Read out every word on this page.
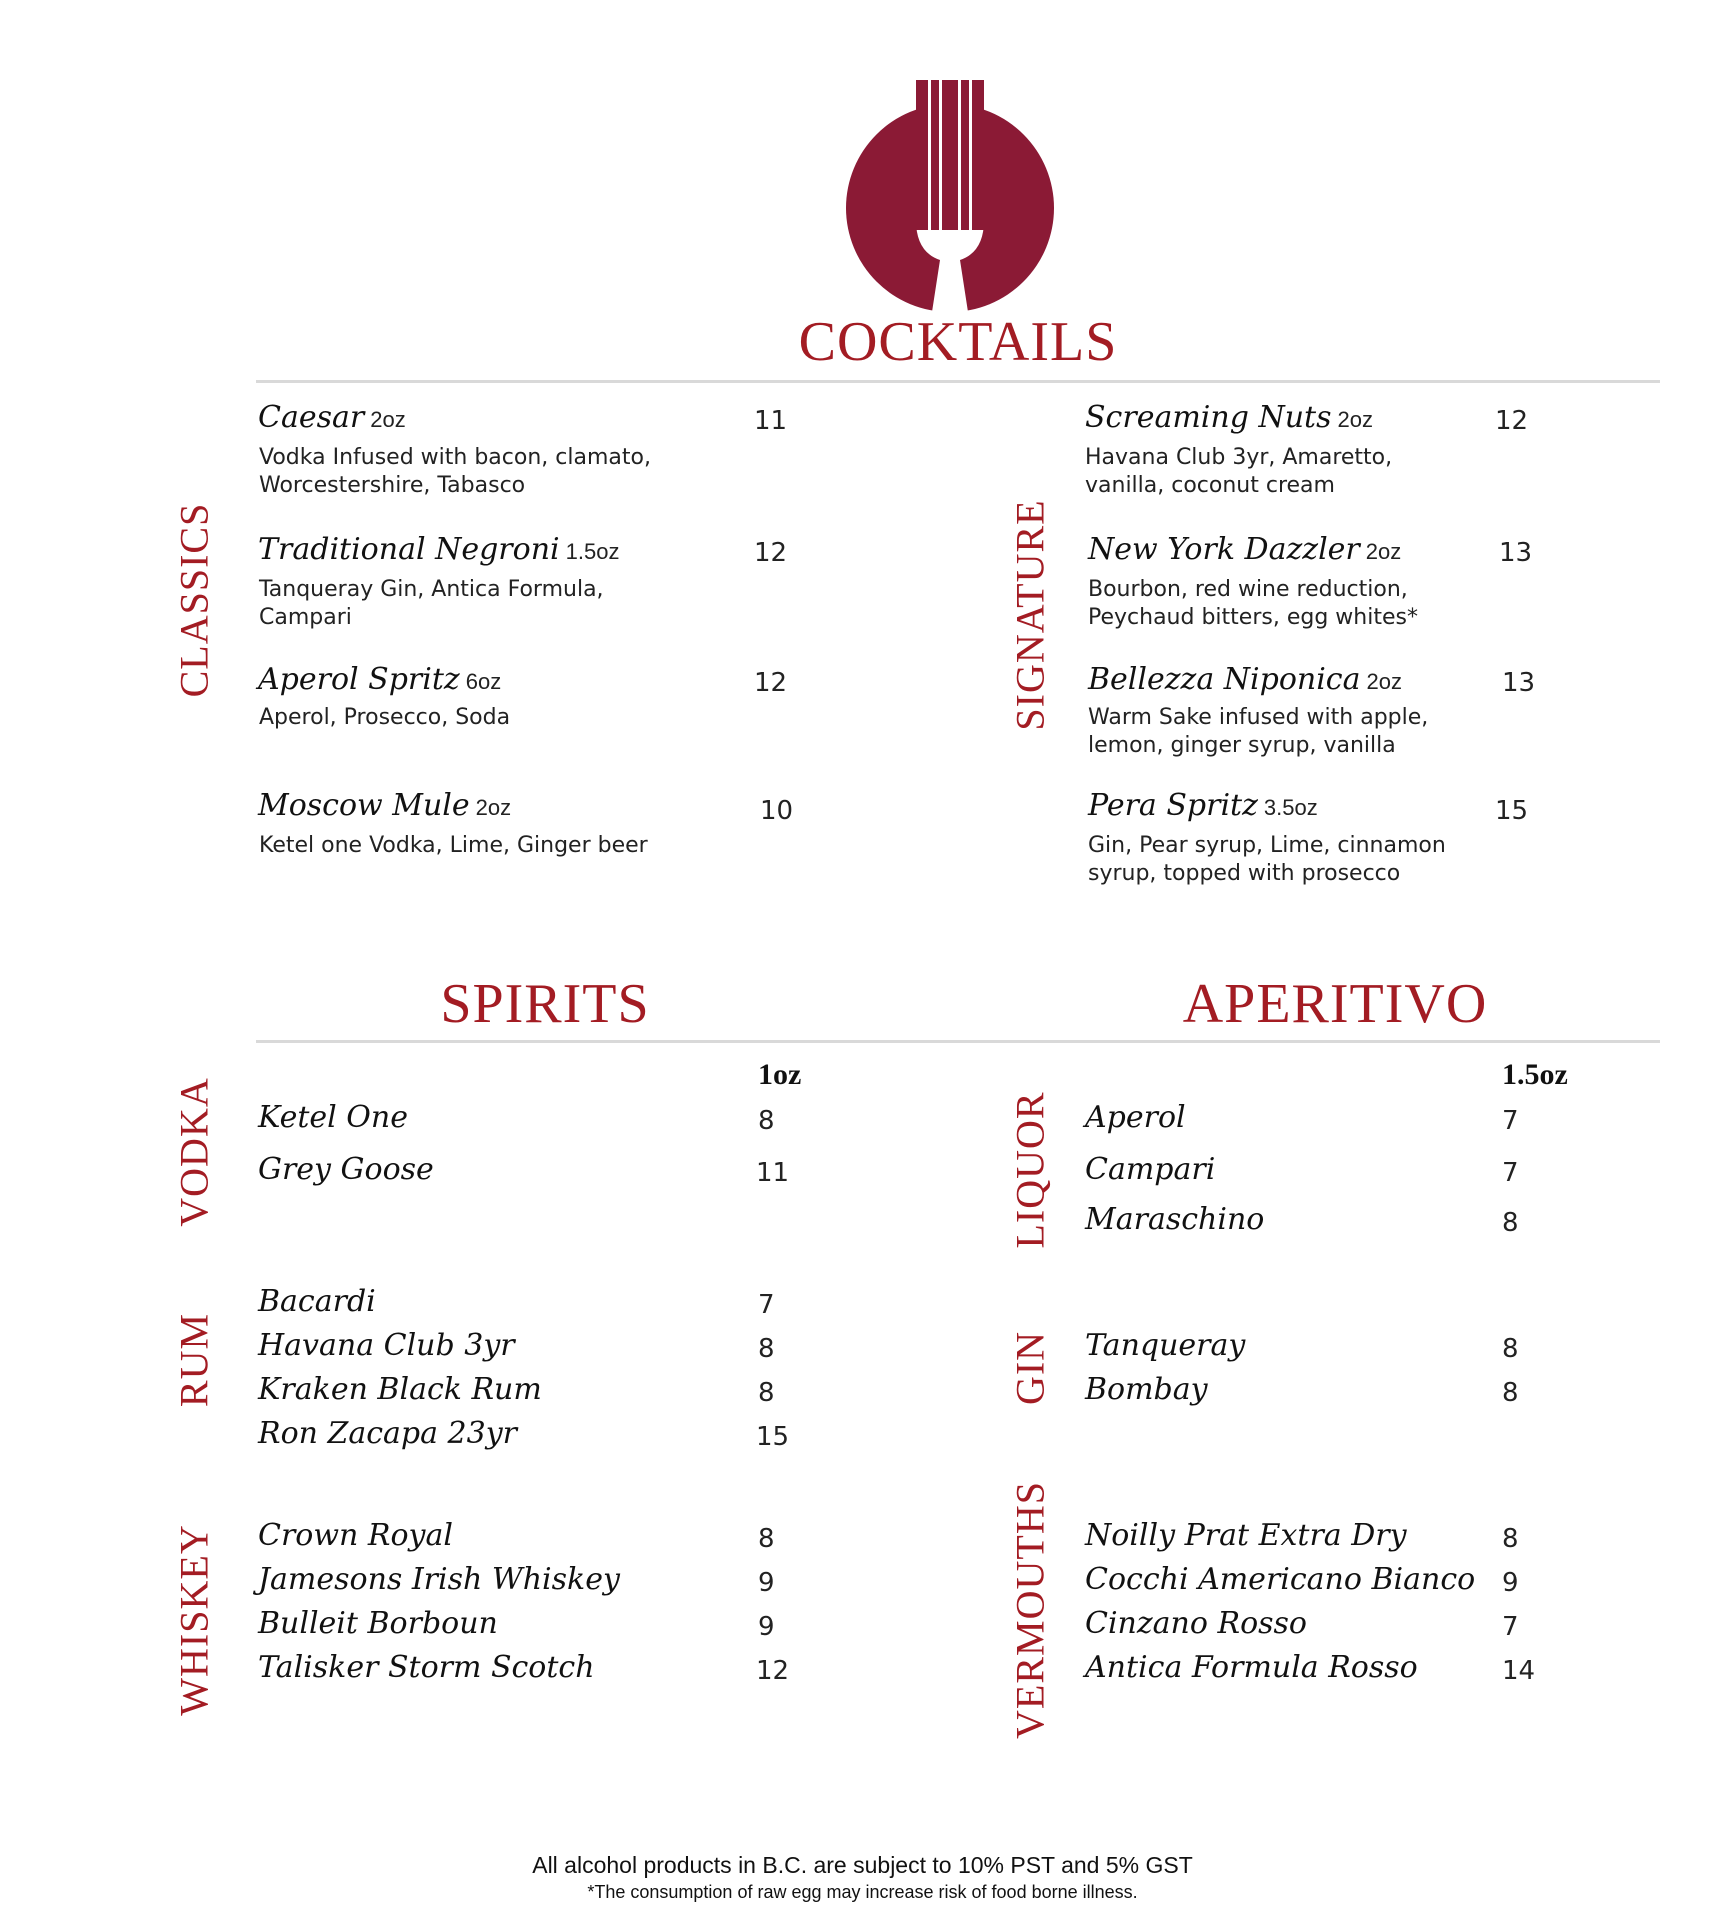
COCKTAILS
CLASSICS	SIGNATURE
Caesar 2oz	11
Vodka Infused with bacon, clamato,
Worcestershire, Tabasco
Traditional Negroni 1.5oz	12
Tanqueray Gin, Antica Formula,
Campari
Aperol Spritz 6oz	12
Aperol, Prosecco, Soda
Moscow Mule 2oz	10
Ketel one Vodka, Lime, Ginger beer
Screaming Nuts 2oz	12
Havana Club 3yr, Amaretto,
vanilla, coconut cream
New York Dazzler 2oz	13
Bourbon, red wine reduction,
Peychaud bitters, egg whites*
Bellezza Niponica 2oz	13
Warm Sake infused with apple,
lemon, ginger syrup, vanilla
Pera Spritz 3.5oz	15
Gin, Pear syrup, Lime, cinnamon
syrup, topped with prosecco
SPIRITS	APERITIVO
1oz	1.5oz
VODKA
RUM
WHISKEY
LIQUOR
GIN
VERMOUTHS
Ketel One	8
Grey Goose	11
Bacardi	7
Havana Club 3yr	8
Kraken Black Rum	8
Ron Zacapa 23yr	15
Crown Royal	8
Jamesons Irish Whiskey	9
Bulleit Borboun	9
Talisker Storm Scotch	12
Aperol	7
Campari	7
Maraschino	8
Tanqueray	8
Bombay	8
Noilly Prat Extra Dry	8
Cocchi Americano Bianco 9
Cinzano Rosso	7
Antica Formula Rosso	14
All alcohol products in B.C. are subject to 10% PST and 5% GST
*The consumption of raw egg may increase risk of food borne illness.
